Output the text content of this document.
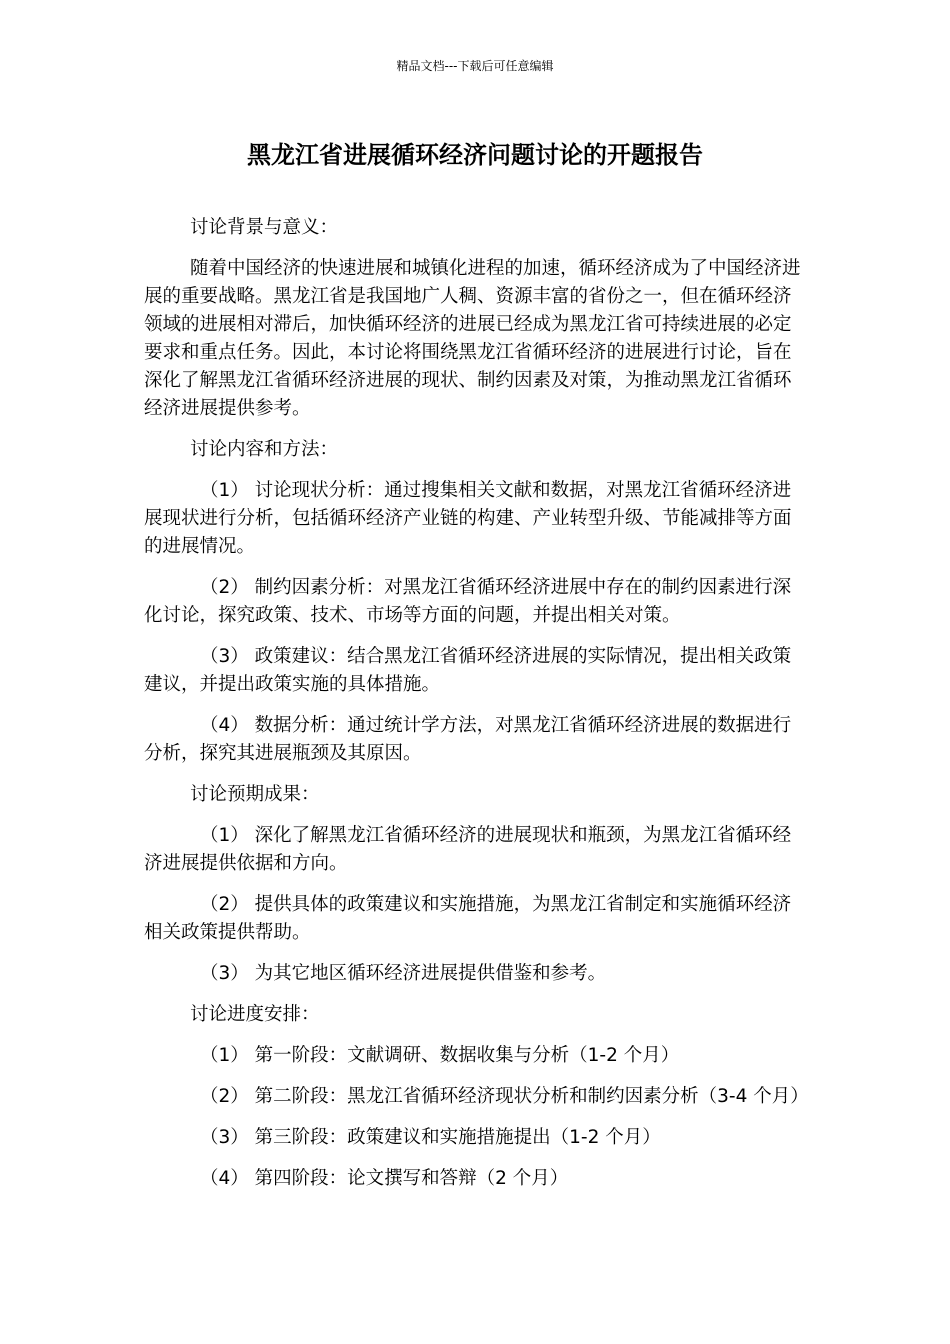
精品文档---下载后可任意编辑
黑龙江省进展循环经济问题讨论的开题报告

讨论背景与意义：

随着中国经济的快速进展和城镇化进程的加速，循环经济成为了中国经济进展的重要战略。黑龙江省是我国地广人稠、资源丰富的省份之一，但在循环经济领域的进展相对滞后，加快循环经济的进展已经成为黑龙江省可持续进展的必定要求和重点任务。因此，本讨论将围绕黑龙江省循环经济的进展进行讨论，旨在深化了解黑龙江省循环经济进展的现状、制约因素及对策，为推动黑龙江省循环经济进展提供参考。

讨论内容和方法：

（1） 讨论现状分析：通过搜集相关文献和数据，对黑龙江省循环经济进展现状进行分析，包括循环经济产业链的构建、产业转型升级、节能减排等方面的进展情况。

（2） 制约因素分析：对黑龙江省循环经济进展中存在的制约因素进行深化讨论，探究政策、技术、市场等方面的问题，并提出相关对策。

（3） 政策建议：结合黑龙江省循环经济进展的实际情况，提出相关政策建议，并提出政策实施的具体措施。

（4） 数据分析：通过统计学方法，对黑龙江省循环经济进展的数据进行分析，探究其进展瓶颈及其原因。

讨论预期成果：

（1） 深化了解黑龙江省循环经济的进展现状和瓶颈，为黑龙江省循环经济进展提供依据和方向。

（2） 提供具体的政策建议和实施措施，为黑龙江省制定和实施循环经济相关政策提供帮助。

（3） 为其它地区循环经济进展提供借鉴和参考。

讨论进度安排：

（1） 第一阶段：文献调研、数据收集与分析（1-2 个月）

（2） 第二阶段：黑龙江省循环经济现状分析和制约因素分析（3-4 个月）

（3） 第三阶段：政策建议和实施措施提出（1-2 个月）

（4） 第四阶段：论文撰写和答辩（2 个月）
